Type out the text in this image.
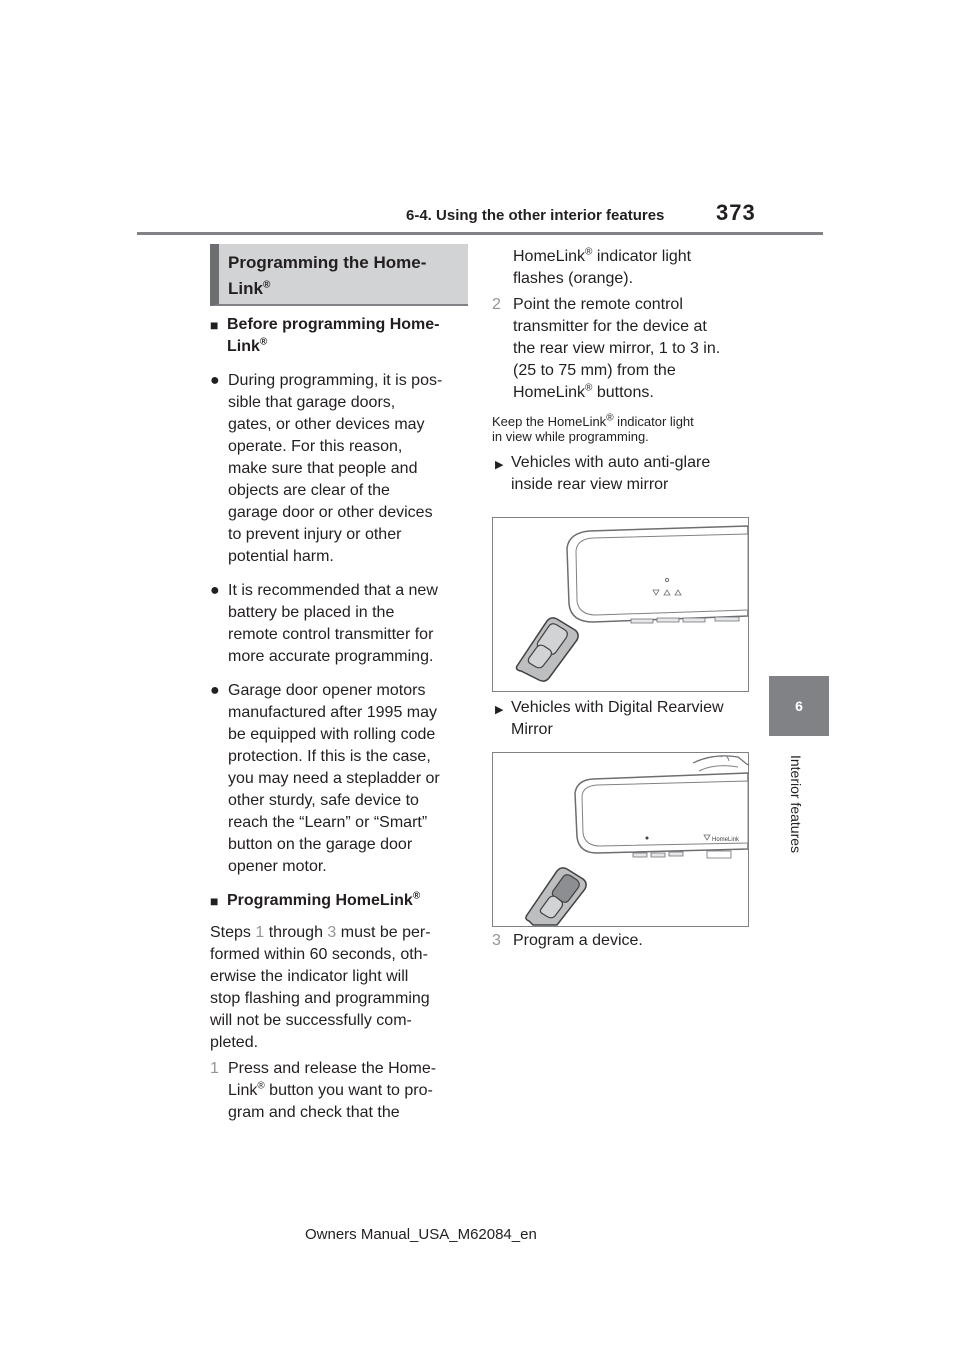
6-4. Using the other interior features 373
6
Interior features
Programming the Home-
Link®

■ Before programming Home-
Link®

● During programming, it is pos-
sible that garage doors,
gates, or other devices may
operate. For this reason,
make sure that people and
objects are clear of the
garage door or other devices
to prevent injury or other
potential harm.

● It is recommended that a new
battery be placed in the
remote control transmitter for
more accurate programming.

● Garage door opener motors
manufactured after 1995 may
be equipped with rolling code
protection. If this is the case,
you may need a stepladder or
other sturdy, safe device to
reach the “Learn” or “Smart”
button on the garage door
opener motor.

■ Programming HomeLink®

Steps 1 through 3 must be per-
formed within 60 seconds, oth-
erwise the indicator light will
stop flashing and programming
will not be successfully com-
pleted.

1 Press and release the Home-
Link® button you want to pro-
gram and check that the

HomeLink® indicator light
flashes (orange).

2 Point the remote control
transmitter for the device at
the rear view mirror, 1 to 3 in.
(25 to 75 mm) from the
HomeLink® buttons.

Keep the HomeLink® indicator light
in view while programming.

▶ Vehicles with auto anti-glare
inside rear view mirror

▶ Vehicles with Digital Rearview
Mirror

HomeLink

3 Program a device.

Owners Manual_USA_M62084_en
